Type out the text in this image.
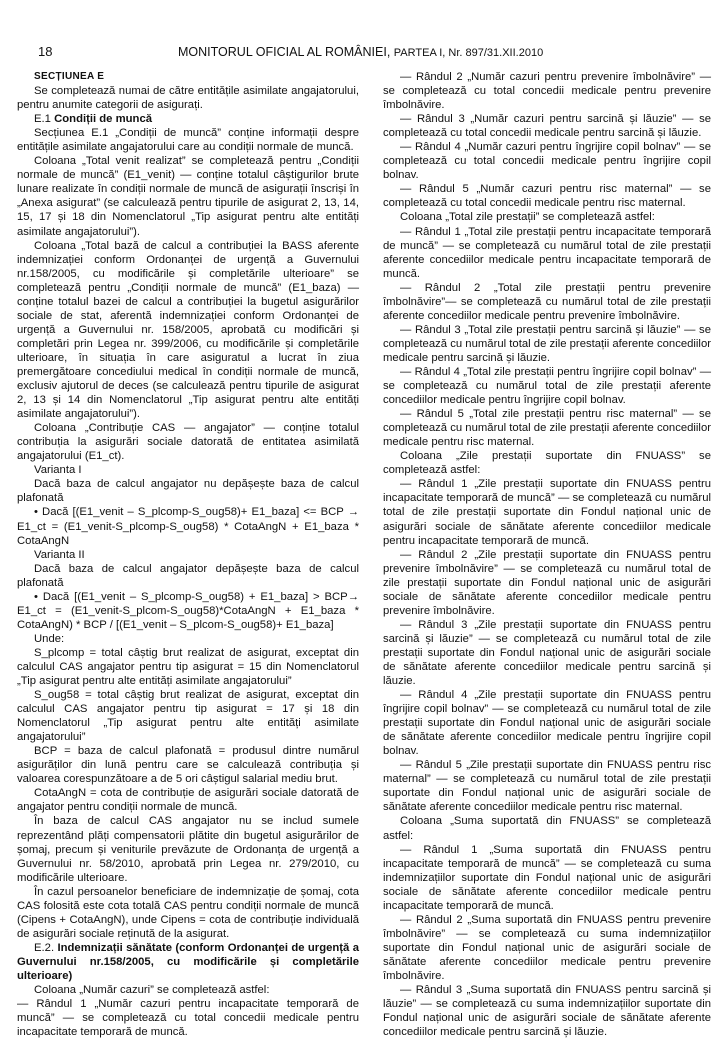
18	MONITORUL OFICIAL AL ROMÂNIEI, PARTEA I, Nr. 897/31.XII.2010

SECȚIUNEA E

Se completează numai de către entitățile asimilate angajatorului, pentru anumite categorii de asigurați.

E.1 Condiții de muncă

Secțiunea E.1 „Condiții de muncă” conține informații despre entitățile asimilate angajatorului care au condiții normale de muncă.

Coloana „Total venit realizat” se completează pentru „Condiții normale de muncă” (E1_venit) — conține totalul câștigurilor brute lunare realizate în condiții normale de muncă de asigurații înscriși în „Anexa asigurat” (se calculează pentru tipurile de asigurat 2, 13, 14, 15, 17 și 18 din Nomenclatorul „Tip asigurat pentru alte entități asimilate angajatorului”).

Coloana „Total bază de calcul a contribuției la BASS aferente indemnizației conform Ordonanței de urgență a Guvernului nr.158/2005, cu modificările și completările ulterioare” se completează pentru „Condiții normale de muncă” (E1_baza) — conține totalul bazei de calcul a contribuției la bugetul asigurărilor sociale de stat, aferentă indemnizației conform Ordonanței de urgență a Guvernului nr. 158/2005, aprobată cu modificări și completări prin Legea nr. 399/2006, cu modificările și completările ulterioare, în situația în care asiguratul a lucrat în ziua premergătoare concediului medical în condiții normale de muncă, exclusiv ajutorul de deces (se calculează pentru tipurile de asigurat 2, 13 și 14 din Nomenclatorul „Tip asigurat pentru alte entități asimilate angajatorului”).

Coloana „Contribuție CAS — angajator” — conține totalul contribuția la asigurări sociale datorată de entitatea asimilată angajatorului (E1_ct).

Varianta I

Dacă baza de calcul angajator nu depășește baza de calcul plafonată

• Dacă [(E1_venit – S_plcomp-S_oug58)+ E1_baza] <= BCP → E1_ct = (E1_venit-S_plcomp-S_oug58) * CotaAngN + E1_baza * CotaAngN

Varianta II

Dacă baza de calcul angajator depășește baza de calcul plafonată

• Dacă [(E1_venit – S_plcomp-S_oug58) + E1_baza] > BCP→ E1_ct = (E1_venit-S_plcom-S_oug58)*CotaAngN + E1_baza * CotaAngN) * BCP / [(E1_venit – S_plcom-S_oug58)+ E1_baza]

Unde:

S_plcomp = total câștig brut realizat de asigurat, exceptat din calculul CAS angajator pentru tip asigurat = 15 din Nomenclatorul „Tip asigurat pentru alte entități asimilate angajatorului”

S_oug58 = total câștig brut realizat de asigurat, exceptat din calculul CAS angajator pentru tip asigurat = 17 și 18 din Nomenclatorul „Tip asigurat pentru alte entități asimilate angajatorului”

BCP = baza de calcul plafonată = produsul dintre numărul asigurăților din lună pentru care se calculează contribuția și valoarea corespunzătoare a de 5 ori câștigul salarial mediu brut.

CotaAngN = cota de contribuție de asigurări sociale datorată de angajator pentru condiții normale de muncă.

În baza de calcul CAS angajator nu se includ sumele reprezentând plăți compensatorii plătite din bugetul asigurărilor de șomaj, precum și veniturile prevăzute de Ordonanța de urgență a Guvernului nr. 58/2010, aprobată prin Legea nr. 279/2010, cu modificările ulterioare.

În cazul persoanelor beneficiare de indemnizație de șomaj, cota CAS folosită este cota totală CAS pentru condiții normale de muncă (Cipens + CotaAngN), unde Cipens = cota de contribuție individuală de asigurări sociale reținută de la asigurat.

E.2. Indemnizații sănătate (conform Ordonanței de urgență a Guvernului nr.158/2005, cu modificările și completările ulterioare)

Coloana „Număr cazuri” se completează astfel:

— Rândul 1 „Număr cazuri pentru incapacitate temporară de muncă” — se completează cu total concedii medicale pentru incapacitate temporară de muncă.

— Rândul 2 „Număr cazuri pentru prevenire îmbolnăvire” — se completează cu total concedii medicale pentru prevenire îmbolnăvire.

— Rândul 3 „Număr cazuri pentru sarcină și lăuzie” — se completează cu total concedii medicale pentru sarcină și lăuzie.

— Rândul 4 „Număr cazuri pentru îngrijire copil bolnav” — se completează cu total concedii medicale pentru îngrijire copil bolnav.

— Rândul 5 „Număr cazuri pentru risc maternal” — se completează cu total concedii medicale pentru risc maternal.

Coloana „Total zile prestații” se completează astfel:

— Rândul 1 „Total zile prestații pentru incapacitate temporară de muncă” — se completează cu numărul total de zile prestații aferente concediilor medicale pentru incapacitate temporară de muncă.

— Rândul 2 „Total zile prestații pentru prevenire îmbolnăvire”— se completează cu numărul total de zile prestații aferente concediilor medicale pentru prevenire îmbolnăvire.

— Rândul 3 „Total zile prestații pentru sarcină și lăuzie” — se completează cu numărul total de zile prestații aferente concediilor medicale pentru sarcină și lăuzie.

— Rândul 4 „Total zile prestații pentru îngrijire copil bolnav” — se completează cu numărul total de zile prestații aferente concediilor medicale pentru îngrijire copil bolnav.

— Rândul 5 „Total zile prestații pentru risc maternal” — se completează cu numărul total de zile prestații aferente concediilor medicale pentru risc maternal.

Coloana „Zile prestații suportate din FNUASS” se completează astfel:

— Rândul 1 „Zile prestații suportate din FNUASS pentru incapacitate temporară de muncă” — se completează cu numărul total de zile prestații suportate din Fondul național unic de asigurări sociale de sănătate aferente concediilor medicale pentru incapacitate temporară de muncă.

— Rândul 2 „Zile prestații suportate din FNUASS pentru prevenire îmbolnăvire” — se completează cu numărul total de zile prestații suportate din Fondul național unic de asigurări sociale de sănătate aferente concediilor medicale pentru prevenire îmbolnăvire.

— Rândul 3 „Zile prestații suportate din FNUASS pentru sarcină și lăuzie” — se completează cu numărul total de zile prestații suportate din Fondul național unic de asigurări sociale de sănătate aferente concediilor medicale pentru sarcină și lăuzie.

— Rândul 4 „Zile prestații suportate din FNUASS pentru îngrijire copil bolnav” — se completează cu numărul total de zile prestații suportate din Fondul național unic de asigurări sociale de sănătate aferente concediilor medicale pentru îngrijire copil bolnav.

— Rândul 5 „Zile prestații suportate din FNUASS pentru risc maternal” — se completează cu numărul total de zile prestații suportate din Fondul național unic de asigurări sociale de sănătate aferente concediilor medicale pentru risc maternal.

Coloana „Suma suportată din FNUASS” se completează astfel:

— Rândul 1 „Suma suportată din FNUASS pentru incapacitate temporară de muncă” — se completează cu suma indemnizațiilor suportate din Fondul național unic de asigurări sociale de sănătate aferente concediilor medicale pentru incapacitate temporară de muncă.

— Rândul 2 „Suma suportată din FNUASS pentru prevenire îmbolnăvire” — se completează cu suma indemnizațiilor suportate din Fondul național unic de asigurări sociale de sănătate aferente concediilor medicale pentru prevenire îmbolnăvire.

— Rândul 3 „Suma suportată din FNUASS pentru sarcină și lăuzie” — se completează cu suma indemnizațiilor suportate din Fondul național unic de asigurări sociale de sănătate aferente concediilor medicale pentru sarcină și lăuzie.
